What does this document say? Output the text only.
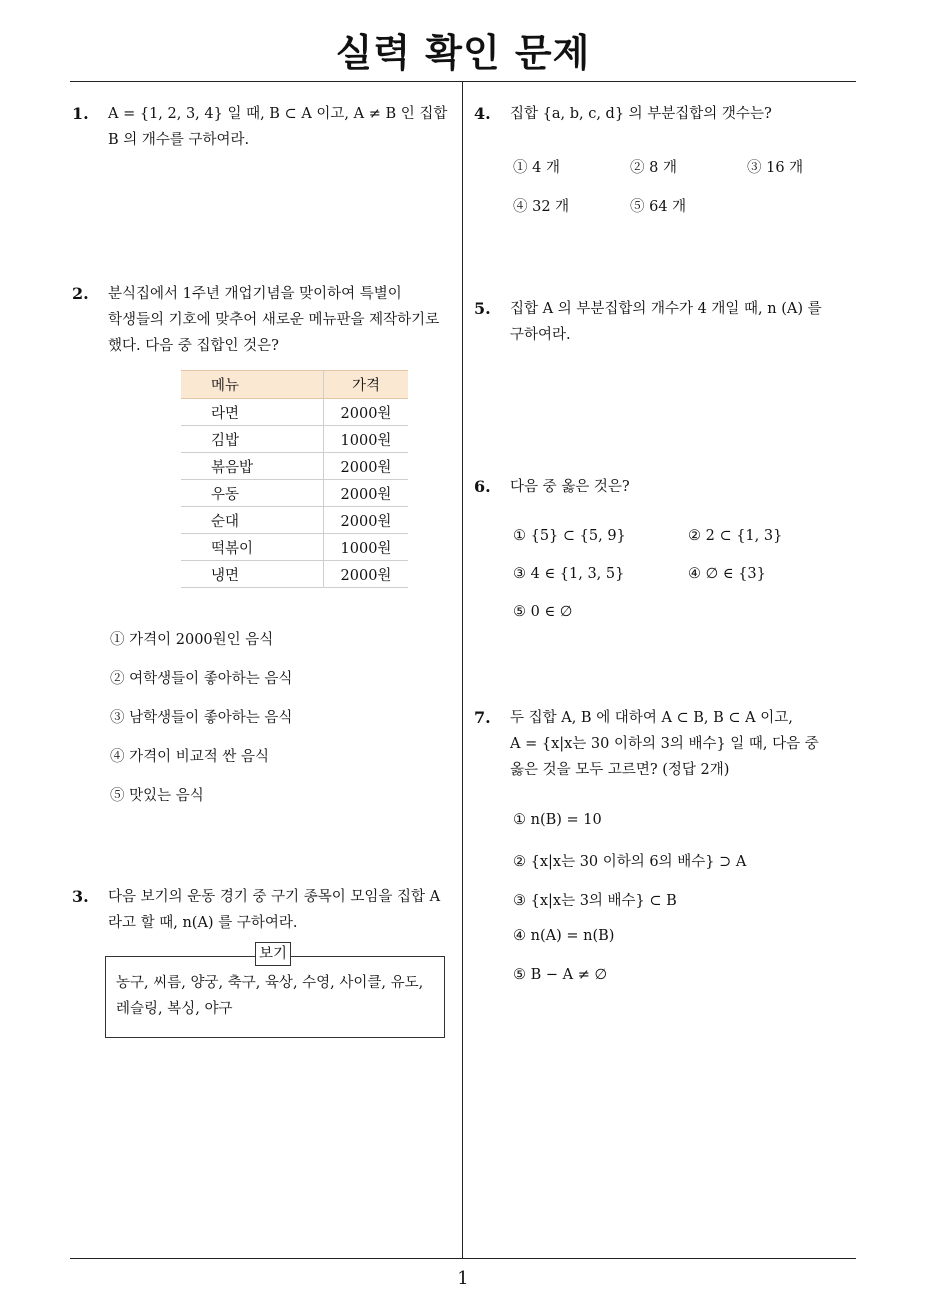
실력 확인 문제
1
1. A = {1, 2, 3, 4} 일 때, B ⊂ A 이고, A ≠ B 인 집합

B 의 개수를 구하여라.

2. 분식집에서 1주년 개업기념을 맞이하여 특별이

학생들의 기호에 맞추어 새로운 메뉴판을 제작하기로

했다. 다음 중 집합인 것은?

메뉴	가격
라면	2000원
김밥	1000원
볶음밥	2000원
우동	2000원
순대	2000원
떡볶이	1000원
냉면	2000원
① 가격이 2000원인 음식
② 여학생들이 좋아하는 음식
③ 남학생들이 좋아하는 음식
④ 가격이 비교적 싼 음식
⑤ 맛있는 음식
3. 다음 보기의 운동 경기 중 구기 종목이 모임을 집합 A

라고 할 때, n(A) 를 구하여라.

보기
농구, 씨름, 양궁, 축구, 육상, 수영, 사이클, 유도,
레슬링, 복싱, 야구
4. 집합 {a, b, c, d} 의 부분집합의 갯수는?

① 4 개	② 8 개	③ 16 개
④ 32 개	⑤ 64 개
5. 집합 A 의 부분집합의 개수가 4 개일 때, n (A) 를

구하여라.

6. 다음 중 옳은 것은?

① {5} ⊂ {5, 9}	② 2 ⊂ {1, 3}
③ 4 ∈ {1, 3, 5}	④ ∅ ∈ {3}
⑤ 0 ∈ ∅
7. 두 집합 A, B 에 대하여 A ⊂ B, B ⊂ A 이고,

A = {x|x는 30 이하의 3의 배수} 일 때, 다음 중

옳은 것을 모두 고르면? (정답 2개)

① n(B) = 10
② {x|x는 30 이하의 6의 배수} ⊃ A
③ {x|x는 3의 배수} ⊂ B
④ n(A) = n(B)
⑤ B − A ≠ ∅
